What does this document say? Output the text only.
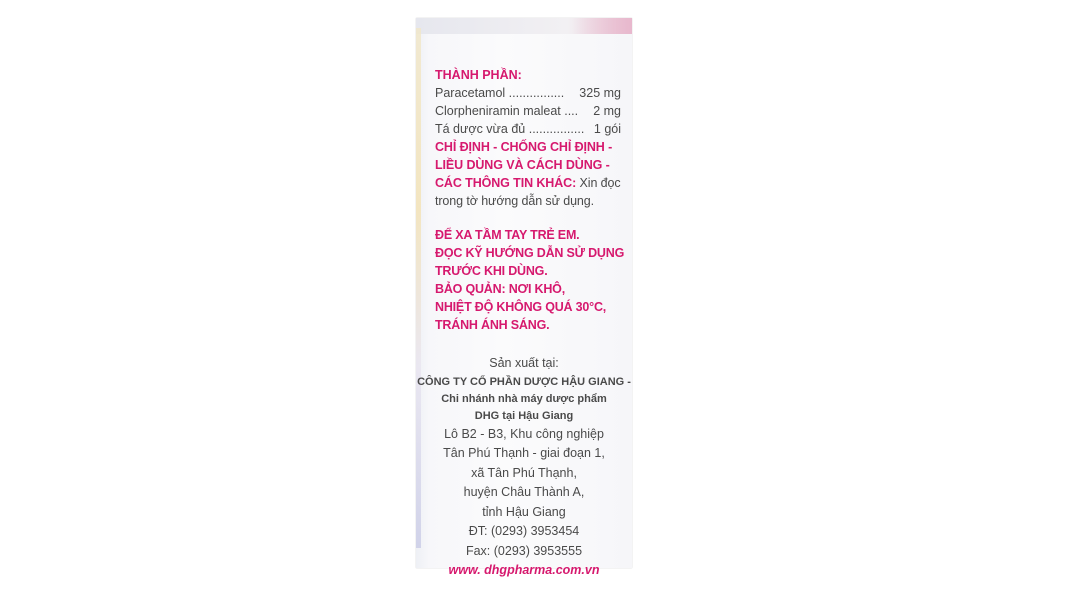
THÀNH PHẦN:
Paracetamol ................ 325 mg
Clorpheniramin maleat .... 2 mg
Tá dược vừa đủ ................ 1 gói
CHỈ ĐỊNH - CHỐNG CHỈ ĐỊNH -
LIỀU DÙNG VÀ CÁCH DÙNG -
CÁC THÔNG TIN KHÁC: Xin đọc
trong tờ hướng dẫn sử dụng.
ĐỂ XA TẦM TAY TRẺ EM.
ĐỌC KỸ HƯỚNG DẪN SỬ DỤNG
TRƯỚC KHI DÙNG.
BẢO QUẢN: NƠI KHÔ,
NHIỆT ĐỘ KHÔNG QUÁ 30°C,
TRÁNH ÁNH SÁNG.
Sản xuất tại:
CÔNG TY CỔ PHẦN DƯỢC HẬU GIANG -
Chi nhánh nhà máy dược phẩm
DHG tại Hậu Giang
Lô B2 - B3, Khu công nghiệp
Tân Phú Thạnh - giai đoạn 1,
xã Tân Phú Thạnh,
huyện Châu Thành A,
tỉnh Hậu Giang
ĐT: (0293) 3953454
Fax: (0293) 3953555
www. dhgpharma.com.vn
